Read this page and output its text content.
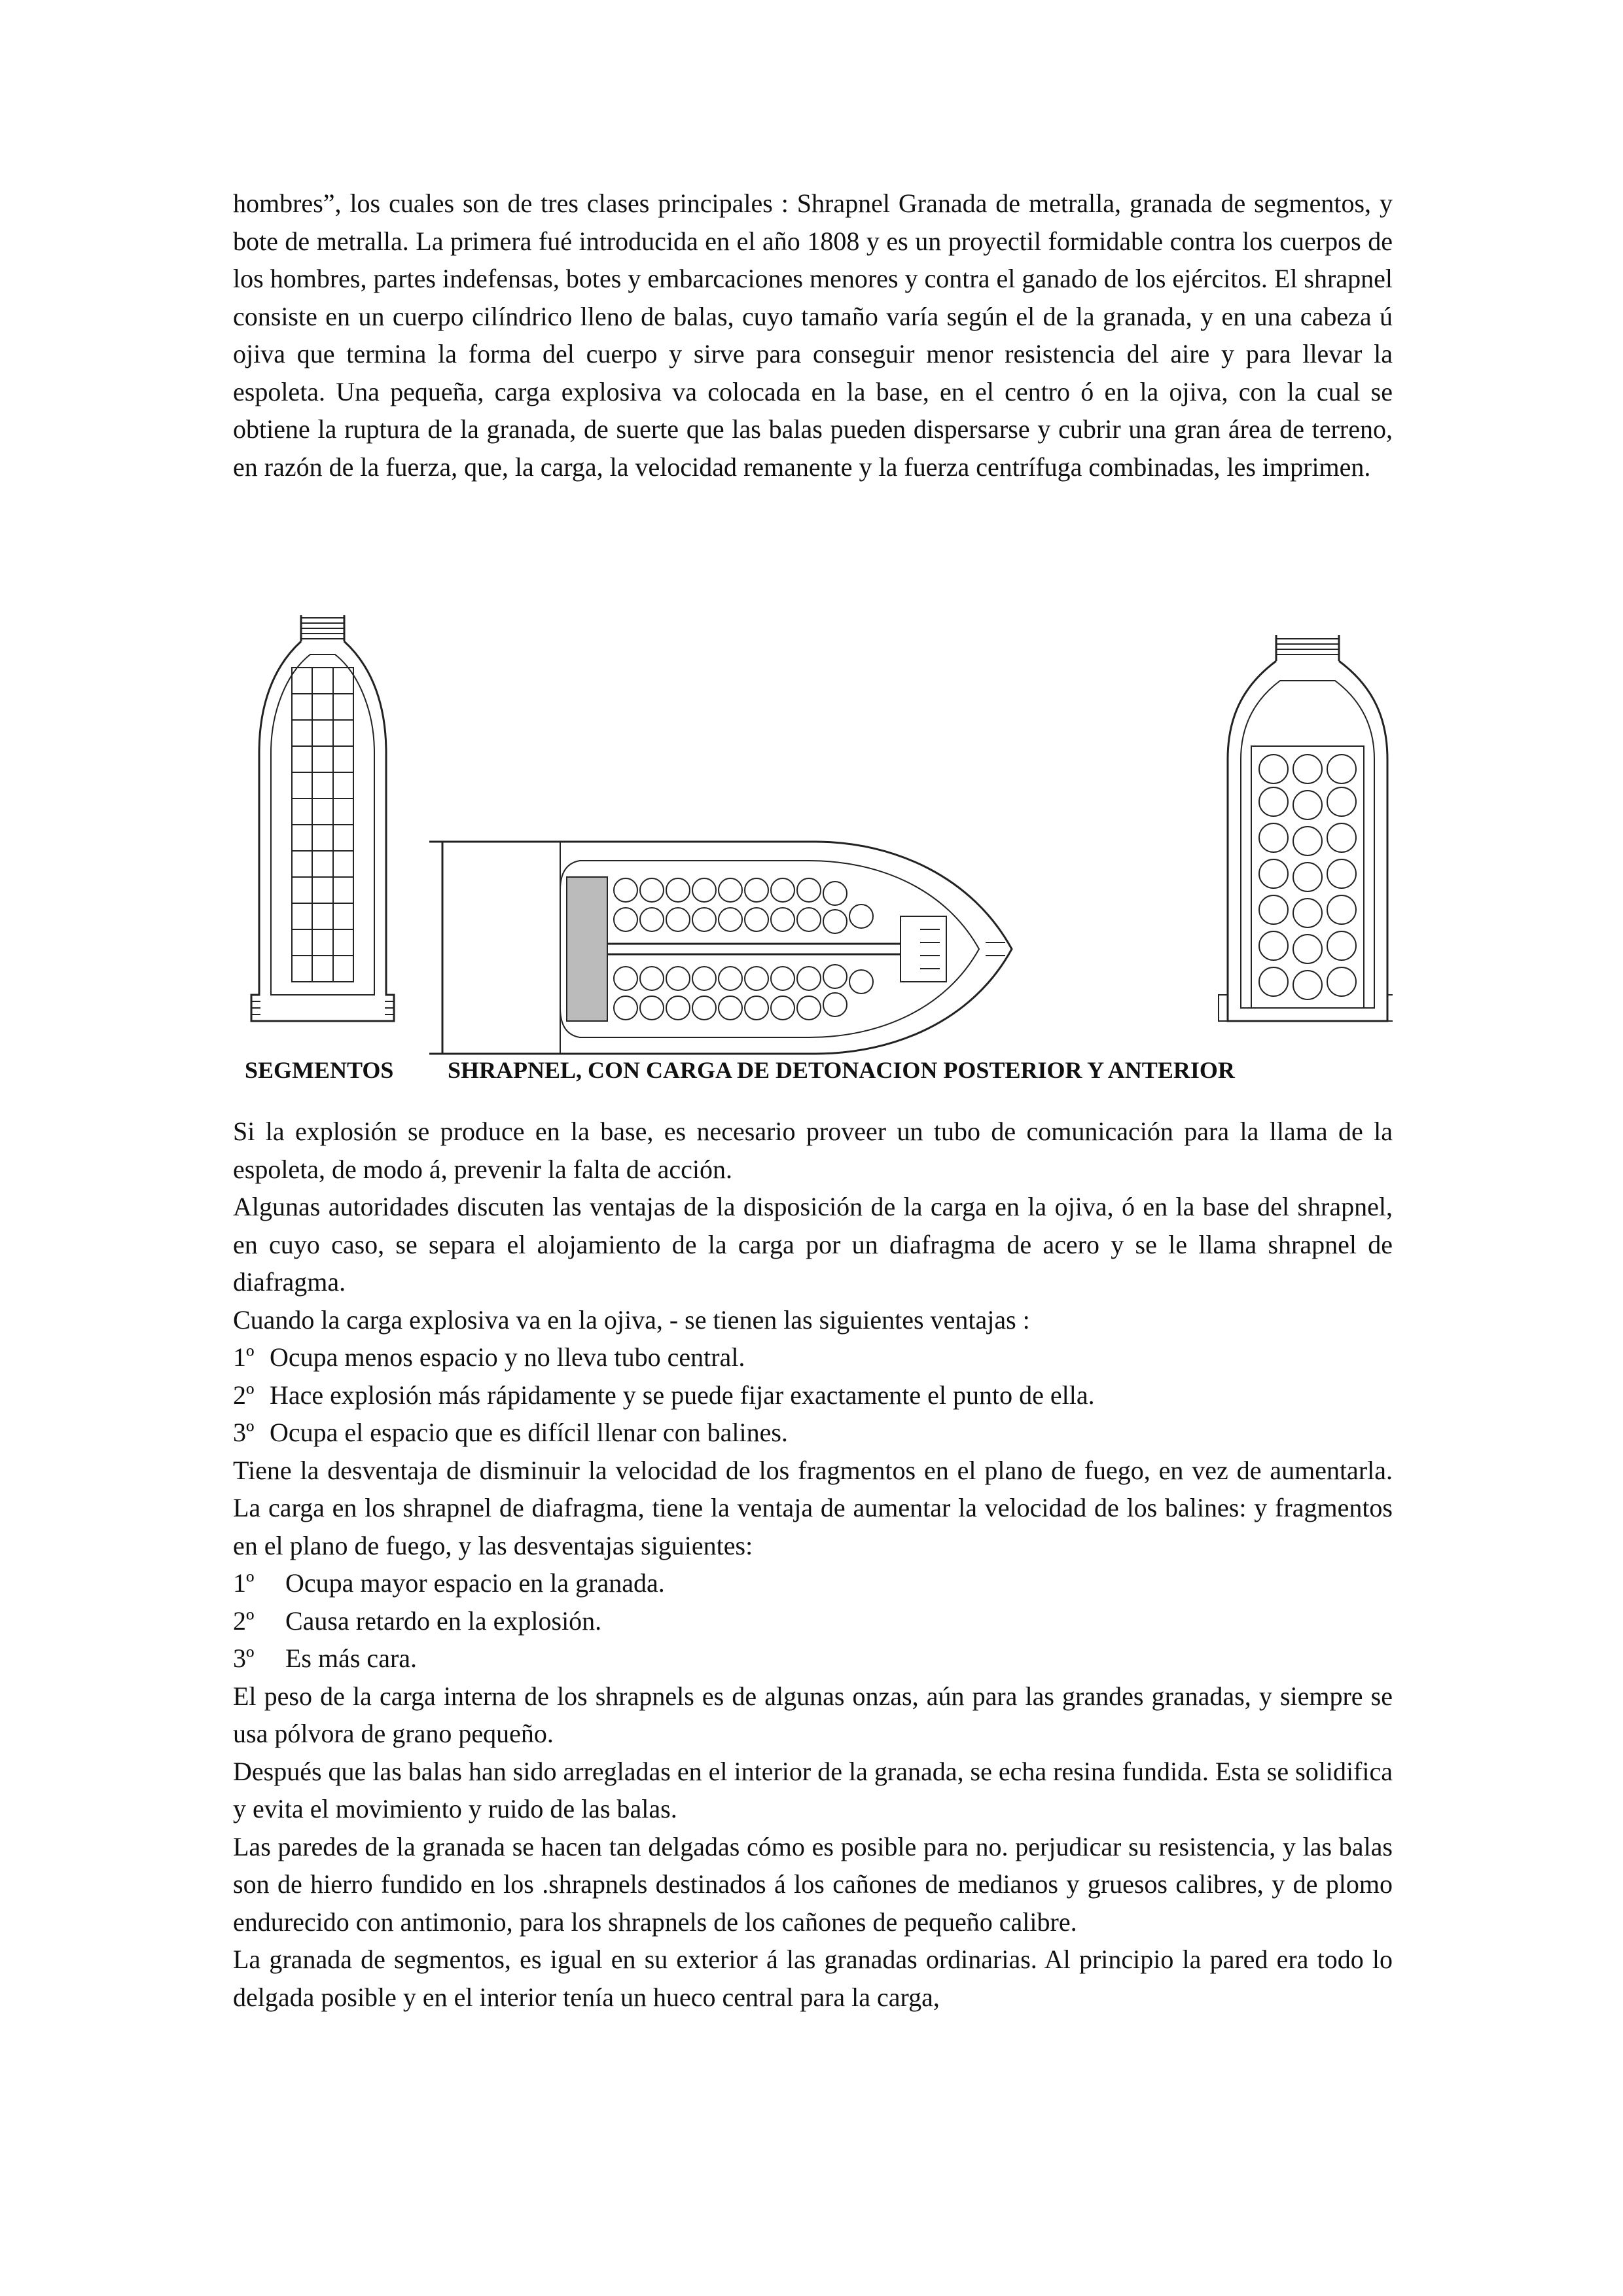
hombres”, los cuales son de tres clases principales : Shrapnel Granada de metralla, granada de segmentos, y bote de metralla. La primera fué introducida en el año 1808 y es un proyectil formidable contra los cuerpos de los hombres, partes indefensas, botes y embarcaciones menores y contra el ganado de los ejércitos. El shrapnel consiste en un cuerpo cilíndrico lleno de balas, cuyo tamaño varía según el de la granada, y en una cabeza ú ojiva que termina la forma del cuerpo y sirve para conseguir menor resistencia del aire y para llevar la espoleta. Una pequeña, carga explosiva va colocada en la base, en el centro ó en la ojiva, con la cual se obtiene la ruptura de la granada, de suerte que las balas pueden dispersarse y cubrir una gran área de terreno, en razón de la fuerza, que, la carga, la velocidad remanente y la fuerza centrífuga combinadas, les imprimen.

SEGMENTOS SHRAPNEL, CON CARGA DE DETONACION POSTERIOR Y ANTERIOR

Si la explosión se produce en la base, es necesario proveer un tubo de comunicación para la llama de la espoleta, de modo á, prevenir la falta de acción.

Algunas autoridades discuten las ventajas de la disposición de la carga en la ojiva, ó en la base del shrapnel, en cuyo caso, se separa el alojamiento de la carga por un diafragma de acero y se le llama shrapnel de diafragma.

Cuando la carga explosiva va en la ojiva, - se tienen las siguientes ventajas :

1º Ocupa menos espacio y no lleva tubo central.

2º Hace explosión más rápidamente y se puede fijar exactamente el punto de ella.

3º Ocupa el espacio que es difícil llenar con balines.

Tiene la desventaja de disminuir la velocidad de los fragmentos en el plano de fuego, en vez de aumentarla. La carga en los shrapnel de diafragma, tiene la ventaja de aumentar la velocidad de los balines: y fragmentos en el plano de fuego, y las desventajas siguientes:

1º Ocupa mayor espacio en la granada.

2º Causa retardo en la explosión.

3º Es más cara.

El peso de la carga interna de los shrapnels es de algunas onzas, aún para las grandes granadas, y siempre se usa pólvora de grano pequeño.

Después que las balas han sido arregladas en el interior de la granada, se echa resina fundida. Esta se solidifica y evita el movimiento y ruido de las balas.

Las paredes de la granada se hacen tan delgadas cómo es posible para no. perjudicar su resistencia, y las balas son de hierro fundido en los .shrapnels destinados á los cañones de medianos y gruesos calibres, y de plomo endurecido con antimonio, para los shrapnels de los cañones de pequeño calibre.

La granada de segmentos, es igual en su exterior á las granadas ordinarias. Al principio la pared era todo lo delgada posible y en el interior tenía un hueco central para la carga,
